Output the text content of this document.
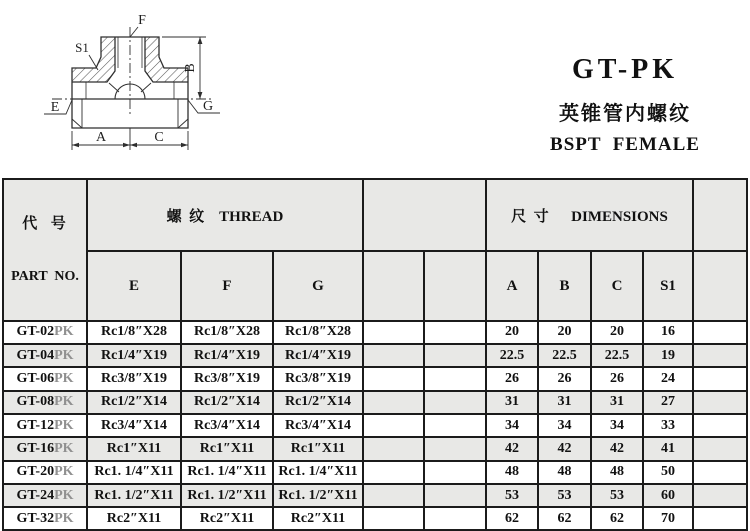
B
A	C
F
S1
E	G
GT-PK
英锥管内螺纹
BSPT  FEMALE

代  号

PART  NO.	螺  纹    THREAD					尺  寸      DIMENSIONS				
	E	F	G			A	B	C	S1	
GT-02PK	Rc1/8″X28	Rc1/8″X28	Rc1/8″X28			20	20	20	16	
GT-04PK	Rc1/4″X19	Rc1/4″X19	Rc1/4″X19			22.5	22.5	22.5	19	
GT-06PK	Rc3/8″X19	Rc3/8″X19	Rc3/8″X19			26	26	26	24	
GT-08PK	Rc1/2″X14	Rc1/2″X14	Rc1/2″X14			31	31	31	27	
GT-12PK	Rc3/4″X14	Rc3/4″X14	Rc3/4″X14			34	34	34	33	
GT-16PK	Rc1″X11	Rc1″X11	Rc1″X11			42	42	42	41	
GT-20PK	Rc1. 1/4″X11	Rc1. 1/4″X11	Rc1. 1/4″X11			48	48	48	50	
GT-24PK	Rc1. 1/2″X11	Rc1. 1/2″X11	Rc1. 1/2″X11			53	53	53	60	
GT-32PK	Rc2″X11	Rc2″X11	Rc2″X11			62	62	62	70	
